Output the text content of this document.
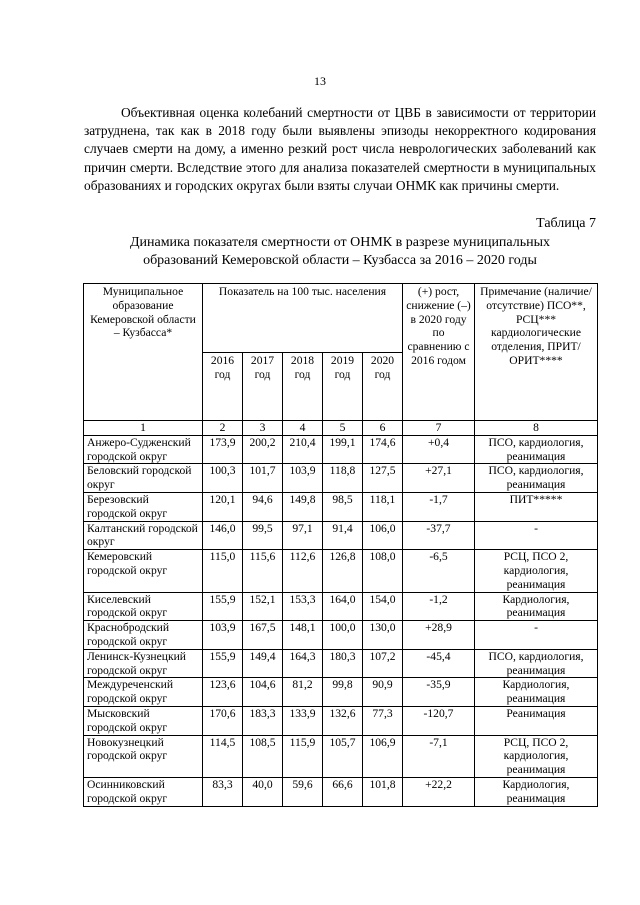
13

Объективная оценка колебаний смертности от ЦВБ в зависимости от территории затруднена, так как в 2018 году были выявлены эпизоды некорректного кодирования случаев смерти на дому, а именно резкий рост числа неврологических заболеваний как причин смерти. Вследствие этого для анализа показателей смертности в муниципальных образованиях и городских округах были взяты случаи ОНМК как причины смерти.

Таблица 7

Динамика показателя смертности от ОНМК в разрезе муниципальных
образований Кемеровской области – Кузбасса за 2016 – 2020 годы

Муниципальное образование Кемеровской области – Кузбасса*	Показатель на 100 тыс. населения					(+) рост, снижение (–) в 2020 году по сравнению с 2016 годом	Примечание (наличие/отсутствие) ПСО**, РСЦ*** кардиологические отделения, ПРИТ/ОРИТ****
	2016 год	2017 год	2018 год	2019 год	2020 год		
1	2	3	4	5	6	7	8
Анжеро-Судженский городской округ	173,9	200,2	210,4	199,1	174,6	+0,4	ПСО, кардиология, реанимация
Беловский городской округ	100,3	101,7	103,9	118,8	127,5	+27,1	ПСО, кардиология, реанимация
Березовский городской округ	120,1	94,6	149,8	98,5	118,1	-1,7	ПИТ*****
Калтанский городской округ	146,0	99,5	97,1	91,4	106,0	-37,7	-
Кемеровский городской округ	115,0	115,6	112,6	126,8	108,0	-6,5	РСЦ, ПСО 2, кардиология, реанимация
Киселевский городской округ	155,9	152,1	153,3	164,0	154,0	-1,2	Кардиология, реанимация
Краснобродский городской округ	103,9	167,5	148,1	100,0	130,0	+28,9	-
Ленинск-Кузнецкий городской округ	155,9	149,4	164,3	180,3	107,2	-45,4	ПСО, кардиология, реанимация
Междуреченский городской округ	123,6	104,6	81,2	99,8	90,9	-35,9	Кардиология, реанимация
Мысковский городской округ	170,6	183,3	133,9	132,6	77,3	-120,7	Реанимация
Новокузнецкий городской округ	114,5	108,5	115,9	105,7	106,9	-7,1	РСЦ, ПСО 2, кардиология, реанимация
Осинниковский городской округ	83,3	40,0	59,6	66,6	101,8	+22,2	Кардиология, реанимация
